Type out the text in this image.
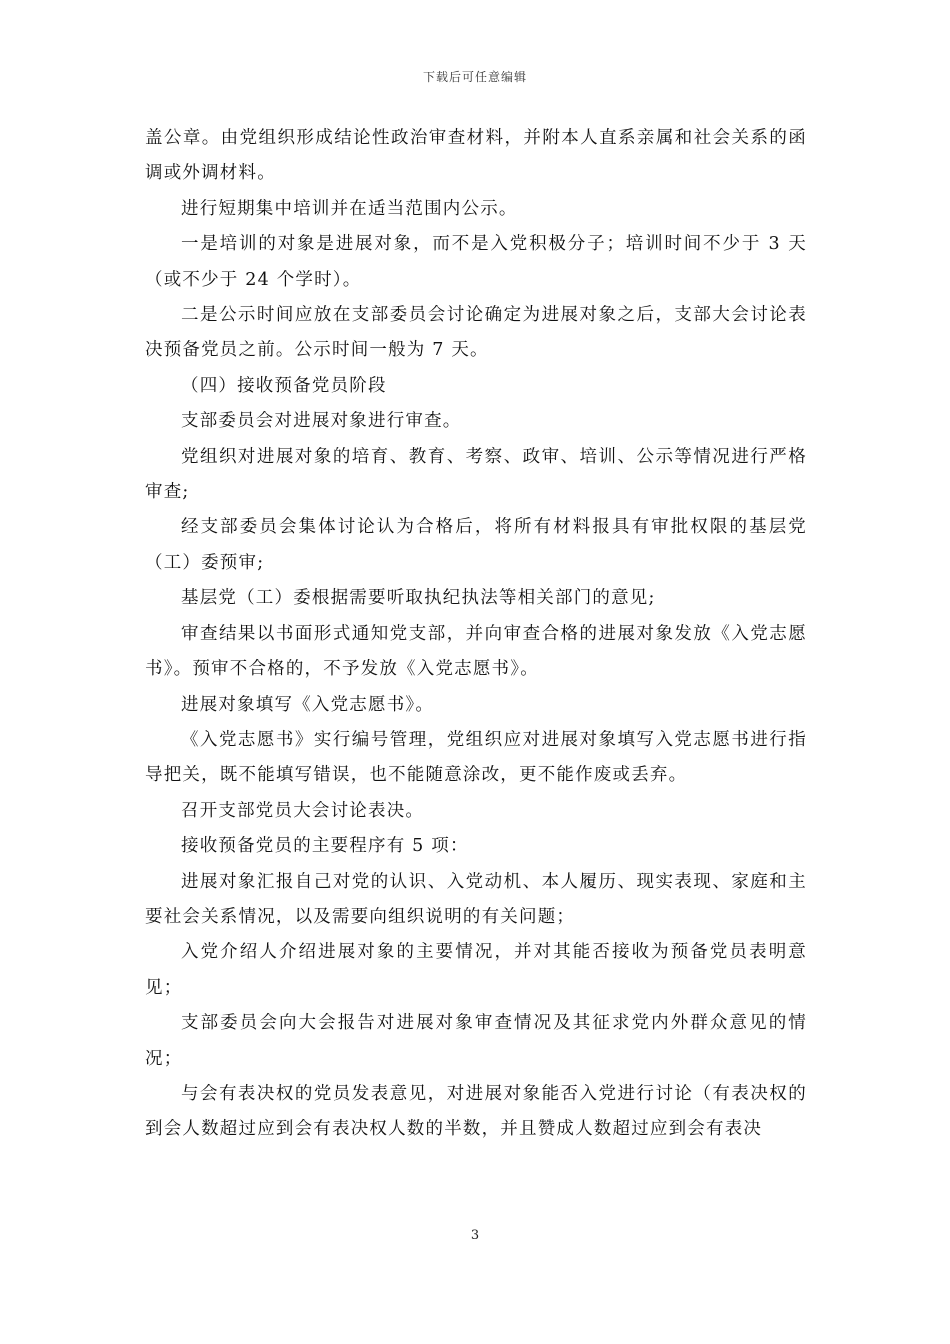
下载后可任意编辑

盖公章。由党组织形成结论性政治审查材料，并附本人直系亲属和社会关系的函调或外调材料。

进行短期集中培训并在适当范围内公示。

一是培训的对象是进展对象，而不是入党积极分子；培训时间不少于 3 天（或不少于 24 个学时）。

二是公示时间应放在支部委员会讨论确定为进展对象之后，支部大会讨论表决预备党员之前。公示时间一般为 7 天。

（四）接收预备党员阶段

支部委员会对进展对象进行审查。

党组织对进展对象的培育、教育、考察、政审、培训、公示等情况进行严格审查;

经支部委员会集体讨论认为合格后，将所有材料报具有审批权限的基层党（工）委预审;

基层党（工）委根据需要听取执纪执法等相关部门的意见;

审查结果以书面形式通知党支部，并向审查合格的进展对象发放《入党志愿书》。预审不合格的，不予发放《入党志愿书》。

进展对象填写《入党志愿书》。

《入党志愿书》实行编号管理，党组织应对进展对象填写入党志愿书进行指导把关，既不能填写错误，也不能随意涂改，更不能作废或丢弃。

召开支部党员大会讨论表决。

接收预备党员的主要程序有 5 项：

进展对象汇报自己对党的认识、入党动机、本人履历、现实表现、家庭和主要社会关系情况，以及需要向组织说明的有关问题；

入党介绍人介绍进展对象的主要情况，并对其能否接收为预备党员表明意见；

支部委员会向大会报告对进展对象审查情况及其征求党内外群众意见的情况；

与会有表决权的党员发表意见，对进展对象能否入党进行讨论（有表决权的到会人数超过应到会有表决权人数的半数，并且赞成人数超过应到会有表决

3
